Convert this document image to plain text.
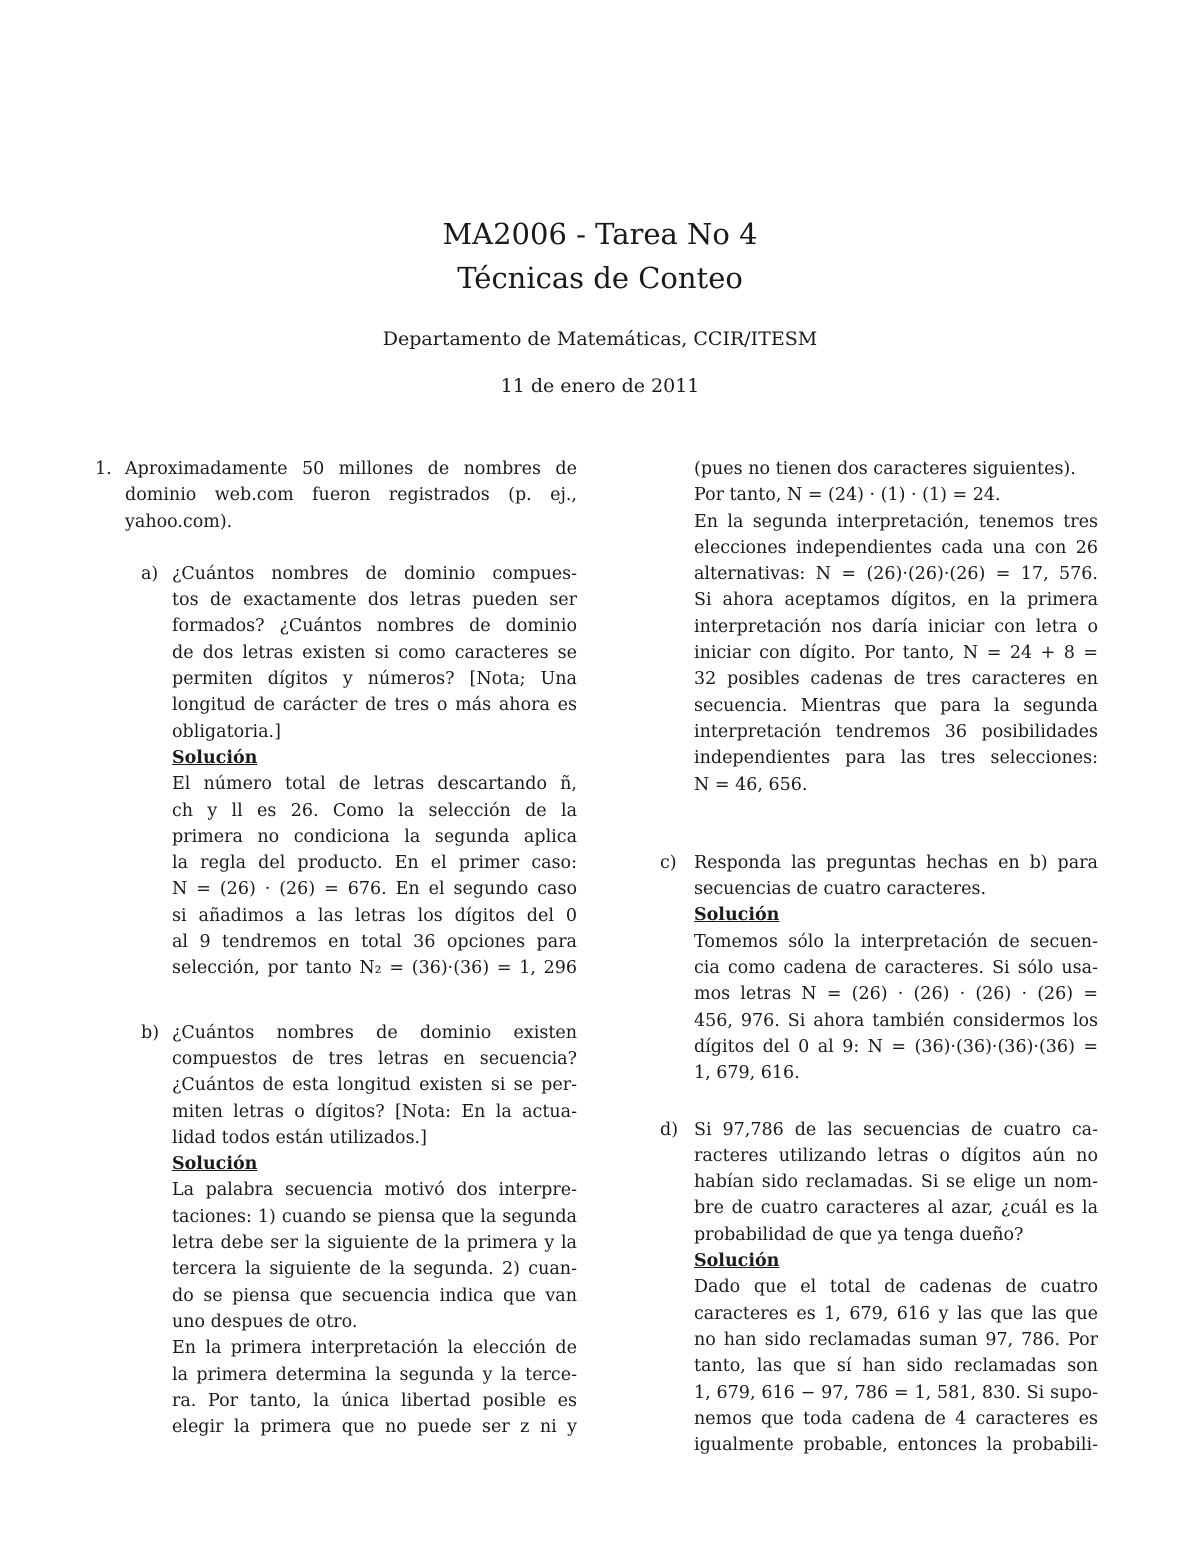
MA2006 - Tarea No 4
Técnicas de Conteo
Departamento de Matemáticas, CCIR/ITESM
11 de enero de 2011
1. Aproximadamente 50 millones de nombres de
dominio web.com fueron registrados (p. ej.,
yahoo.com).
a) ¿Cuántos nombres de dominio compues-
tos de exactamente dos letras pueden ser
formados? ¿Cuántos nombres de dominio
de dos letras existen si como caracteres se
permiten dígitos y números? [Nota; Una
longitud de carácter de tres o más ahora es
obligatoria.]
Solución
El número total de letras descartando ñ,
ch y ll es 26. Como la selección de la
primera no condiciona la segunda aplica
la regla del producto. En el primer caso:
N = (26) · (26) = 676. En el segundo caso
si añadimos a las letras los dígitos del 0
al 9 tendremos en total 36 opciones para
selección, por tanto N₂ = (36)·(36) = 1, 296
b) ¿Cuántos nombres de dominio existen
compuestos de tres letras en secuencia?
¿Cuántos de esta longitud existen si se per-
miten letras o dígitos? [Nota: En la actua-
lidad todos están utilizados.]
Solución
La palabra secuencia motivó dos interpre-
taciones: 1) cuando se piensa que la segunda
letra debe ser la siguiente de la primera y la
tercera la siguiente de la segunda. 2) cuan-
do se piensa que secuencia indica que van
uno despues de otro.
En la primera interpretación la elección de
la primera determina la segunda y la terce-
ra. Por tanto, la única libertad posible es
elegir la primera que no puede ser z ni y
(pues no tienen dos caracteres siguientes).
Por tanto, N = (24) · (1) · (1) = 24.
En la segunda interpretación, tenemos tres
elecciones independientes cada una con 26
alternativas: N = (26)·(26)·(26) = 17, 576.
Si ahora aceptamos dígitos, en la primera
interpretación nos daría iniciar con letra o
iniciar con dígito. Por tanto, N = 24 + 8 =
32 posibles cadenas de tres caracteres en
secuencia. Mientras que para la segunda
interpretación tendremos 36 posibilidades
independientes para las tres selecciones:
N = 46, 656.
c) Responda las preguntas hechas en b) para
secuencias de cuatro caracteres.
Solución
Tomemos sólo la interpretación de secuen-
cia como cadena de caracteres. Si sólo usa-
mos letras N = (26) · (26) · (26) · (26) =
456, 976. Si ahora también considermos los
dígitos del 0 al 9: N = (36)·(36)·(36)·(36) =
1, 679, 616.
d) Si 97,786 de las secuencias de cuatro ca-
racteres utilizando letras o dígitos aún no
habían sido reclamadas. Si se elige un nom-
bre de cuatro caracteres al azar, ¿cuál es la
probabilidad de que ya tenga dueño?
Solución
Dado que el total de cadenas de cuatro
caracteres es 1, 679, 616 y las que las que
no han sido reclamadas suman 97, 786. Por
tanto, las que sí han sido reclamadas son
1, 679, 616 − 97, 786 = 1, 581, 830. Si supo-
nemos que toda cadena de 4 caracteres es
igualmente probable, entonces la probabili-
